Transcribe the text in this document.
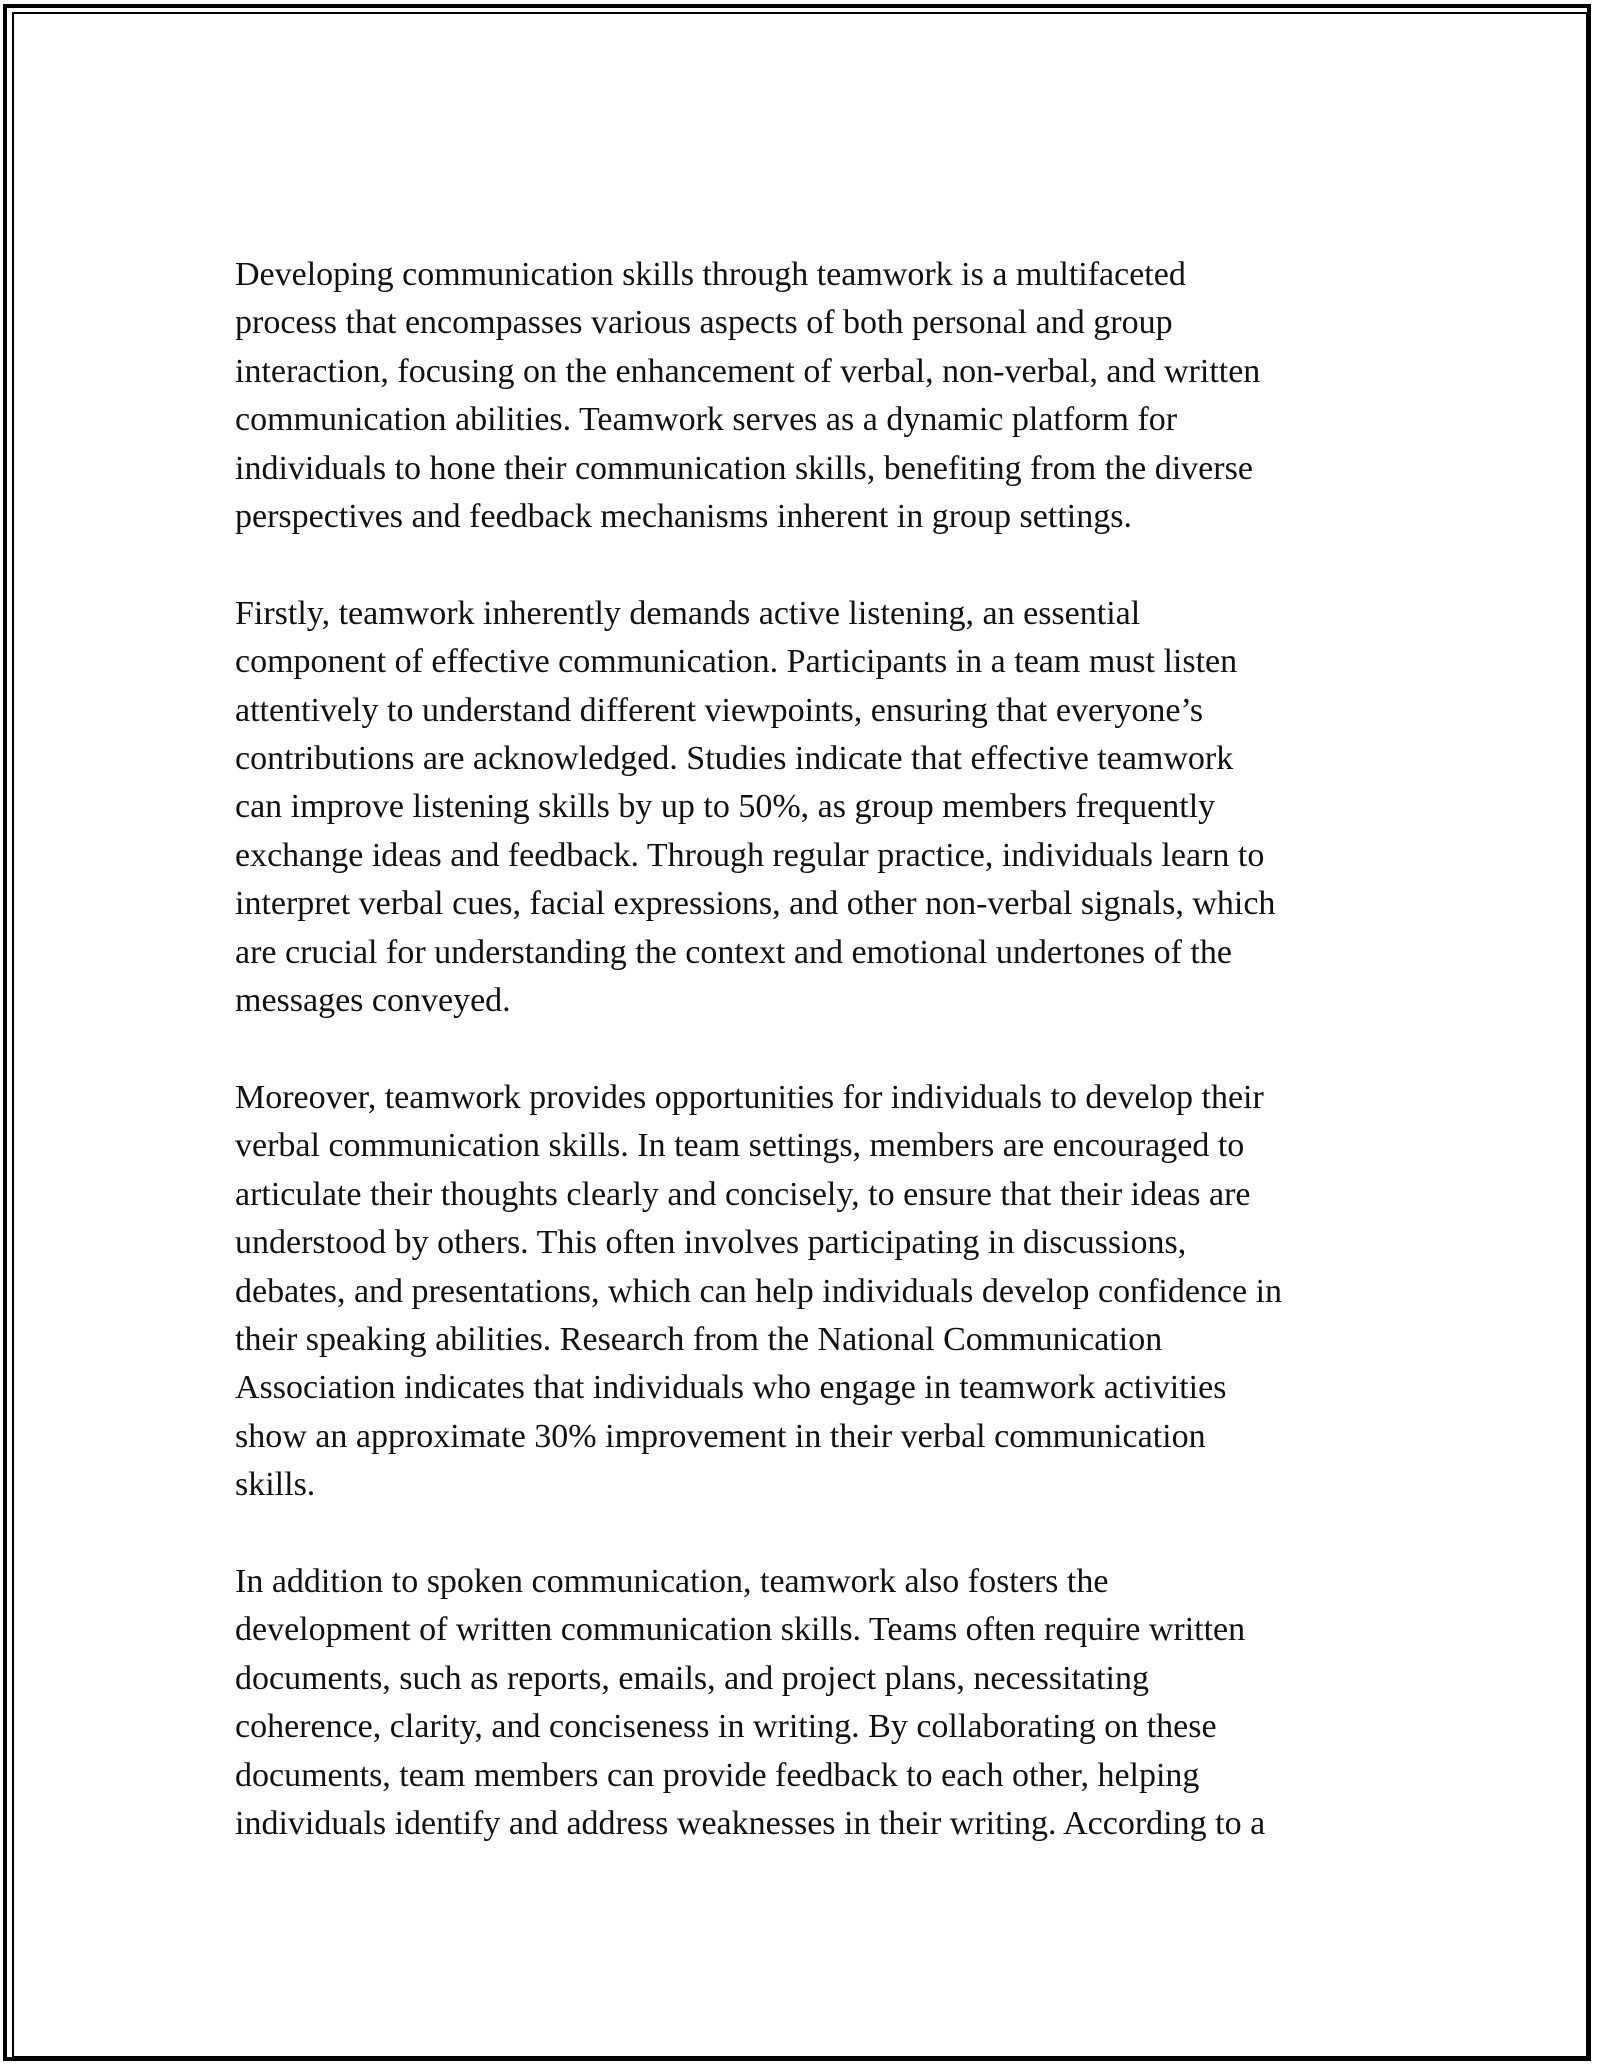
Developing communication skills through teamwork is a multifaceted
process that encompasses various aspects of both personal and group
interaction, focusing on the enhancement of verbal, non-verbal, and written
communication abilities. Teamwork serves as a dynamic platform for
individuals to hone their communication skills, benefiting from the diverse
perspectives and feedback mechanisms inherent in group settings.

Firstly, teamwork inherently demands active listening, an essential
component of effective communication. Participants in a team must listen
attentively to understand different viewpoints, ensuring that everyone’s
contributions are acknowledged. Studies indicate that effective teamwork
can improve listening skills by up to 50%, as group members frequently
exchange ideas and feedback. Through regular practice, individuals learn to
interpret verbal cues, facial expressions, and other non-verbal signals, which
are crucial for understanding the context and emotional undertones of the
messages conveyed.

Moreover, teamwork provides opportunities for individuals to develop their
verbal communication skills. In team settings, members are encouraged to
articulate their thoughts clearly and concisely, to ensure that their ideas are
understood by others. This often involves participating in discussions,
debates, and presentations, which can help individuals develop confidence in
their speaking abilities. Research from the National Communication
Association indicates that individuals who engage in teamwork activities
show an approximate 30% improvement in their verbal communication
skills.

In addition to spoken communication, teamwork also fosters the
development of written communication skills. Teams often require written
documents, such as reports, emails, and project plans, necessitating
coherence, clarity, and conciseness in writing. By collaborating on these
documents, team members can provide feedback to each other, helping
individuals identify and address weaknesses in their writing. According to a
